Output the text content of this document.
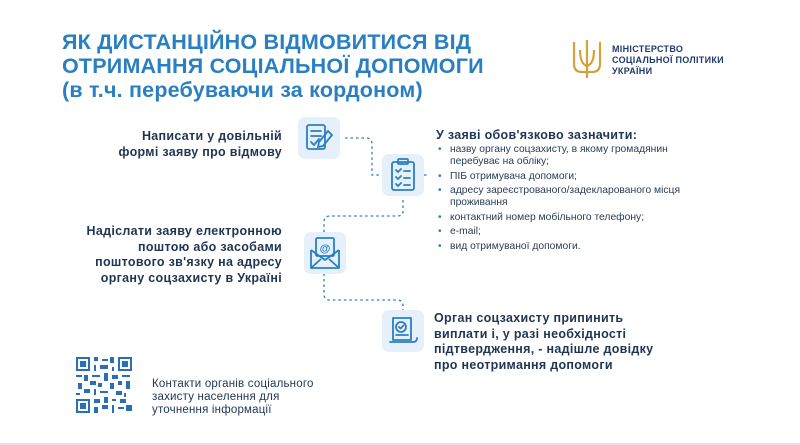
ЯК ДИСТАНЦІЙНО ВІДМОВИТИСЯ ВІД
ОТРИМАННЯ СОЦІАЛЬНОЇ ДОПОМОГИ
(в т.ч. перебуваючи за кордоном)
МІНІСТЕРСТВО
СОЦІАЛЬНОЇ ПОЛІТИКИ
УКРАЇНИ
Написати у довільній
формі заяву про відмову
У заяві обов'язково зазначити:
• назву органу соцзахисту, в якому громадянин перебуває на обліку;
• ПІБ отримувача допомоги;
• адресу зареєстрованого/задекларованого місця проживання
• контактний номер мобільного телефону;
• e-mail;
• вид отримуваної допомоги.
Надіслати заяву електронною
поштою або засобами
поштового зв'язку на адресу
органу соцзахисту в Україні
@
Орган соцзахисту припинить
виплати і, у разі необхідності
підтвердження, - надішле довідку
про неотримання допомоги
Контакти органів соціального
захисту населення для
уточнення інформації
